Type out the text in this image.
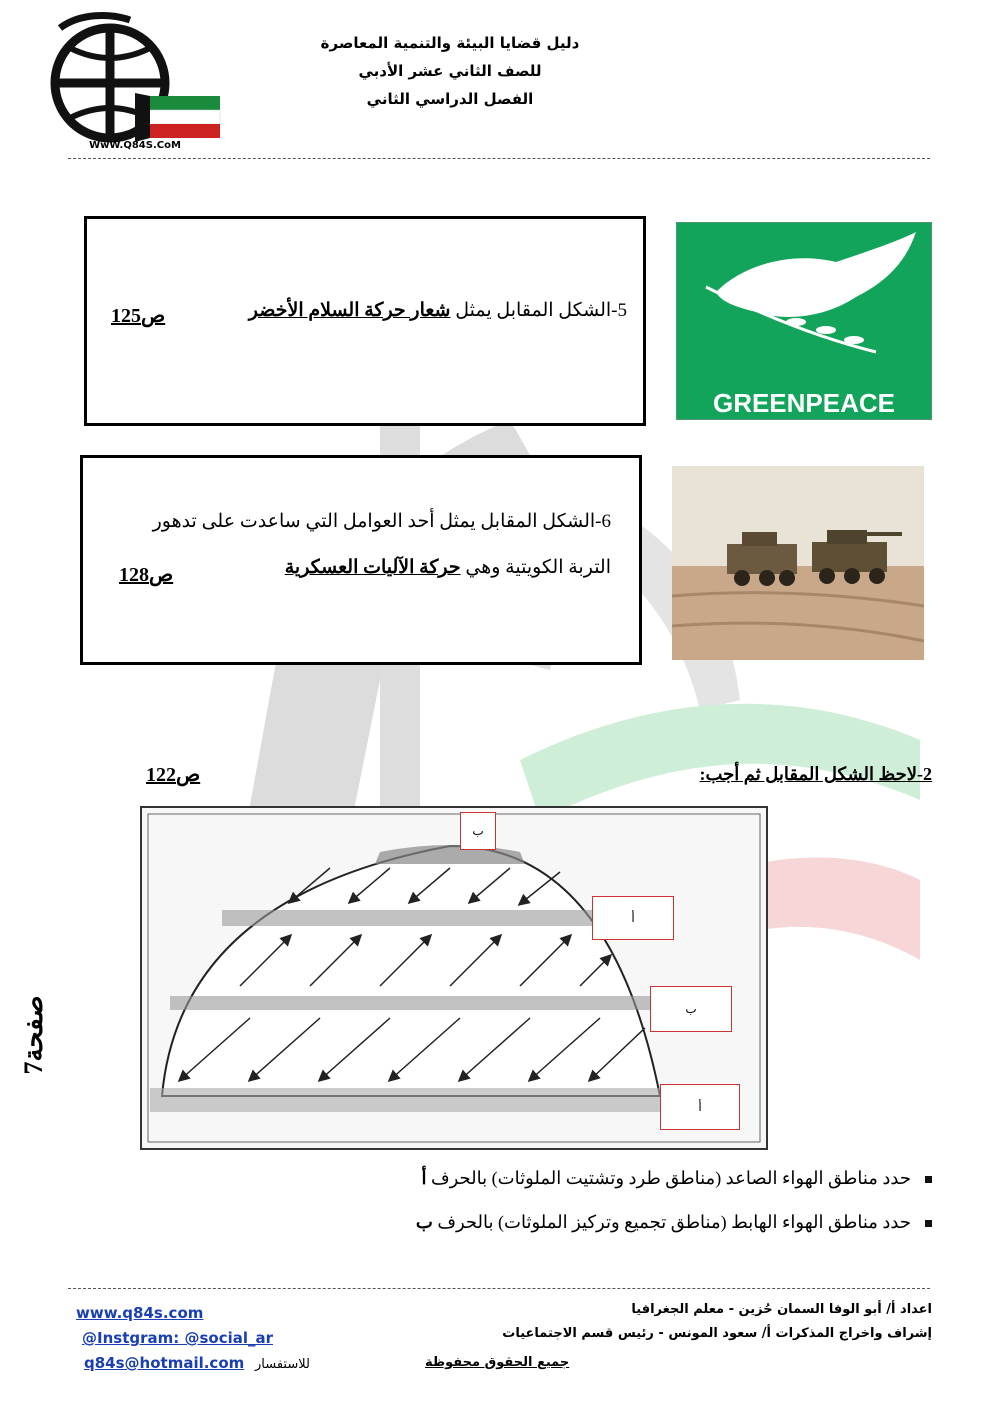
WwW.Q84S.CoM
دليل قضايا البيئة والتنمية المعاصرة
للصف الثاني عشر الأدبي
الفصل الدراسي الثاني
5-الشكل المقابل يمثل شعار حركة السلام الأخضر
ص125
GREENPEACE
6-الشكل المقابل يمثل أحد العوامل التي ساعدت على تدهور
التربة الكويتية وهي حركة الآليات العسكرية
ص128
2-لاحظ الشكل المقابل ثم أجب:
ص122
ب
أ
ب
أ
صفحة7
حدد مناطق الهواء الصاعد (مناطق طرد وتشتيت الملوثات) بالحرف أ
حدد مناطق الهواء الهابط (مناطق تجميع وتركيز الملوثات) بالحرف ب
اعداد أ/ أبو الوفا السمان حُزين - معلم الجغرافيا
إشراف واخراج المذكرات أ/ سعود المونس - رئيس قسم الاجتماعيات
جميع الحقوق محفوظة
للاستفسار
www.q84s.com
@Instgram: @social_ar
q84s@hotmail.com
